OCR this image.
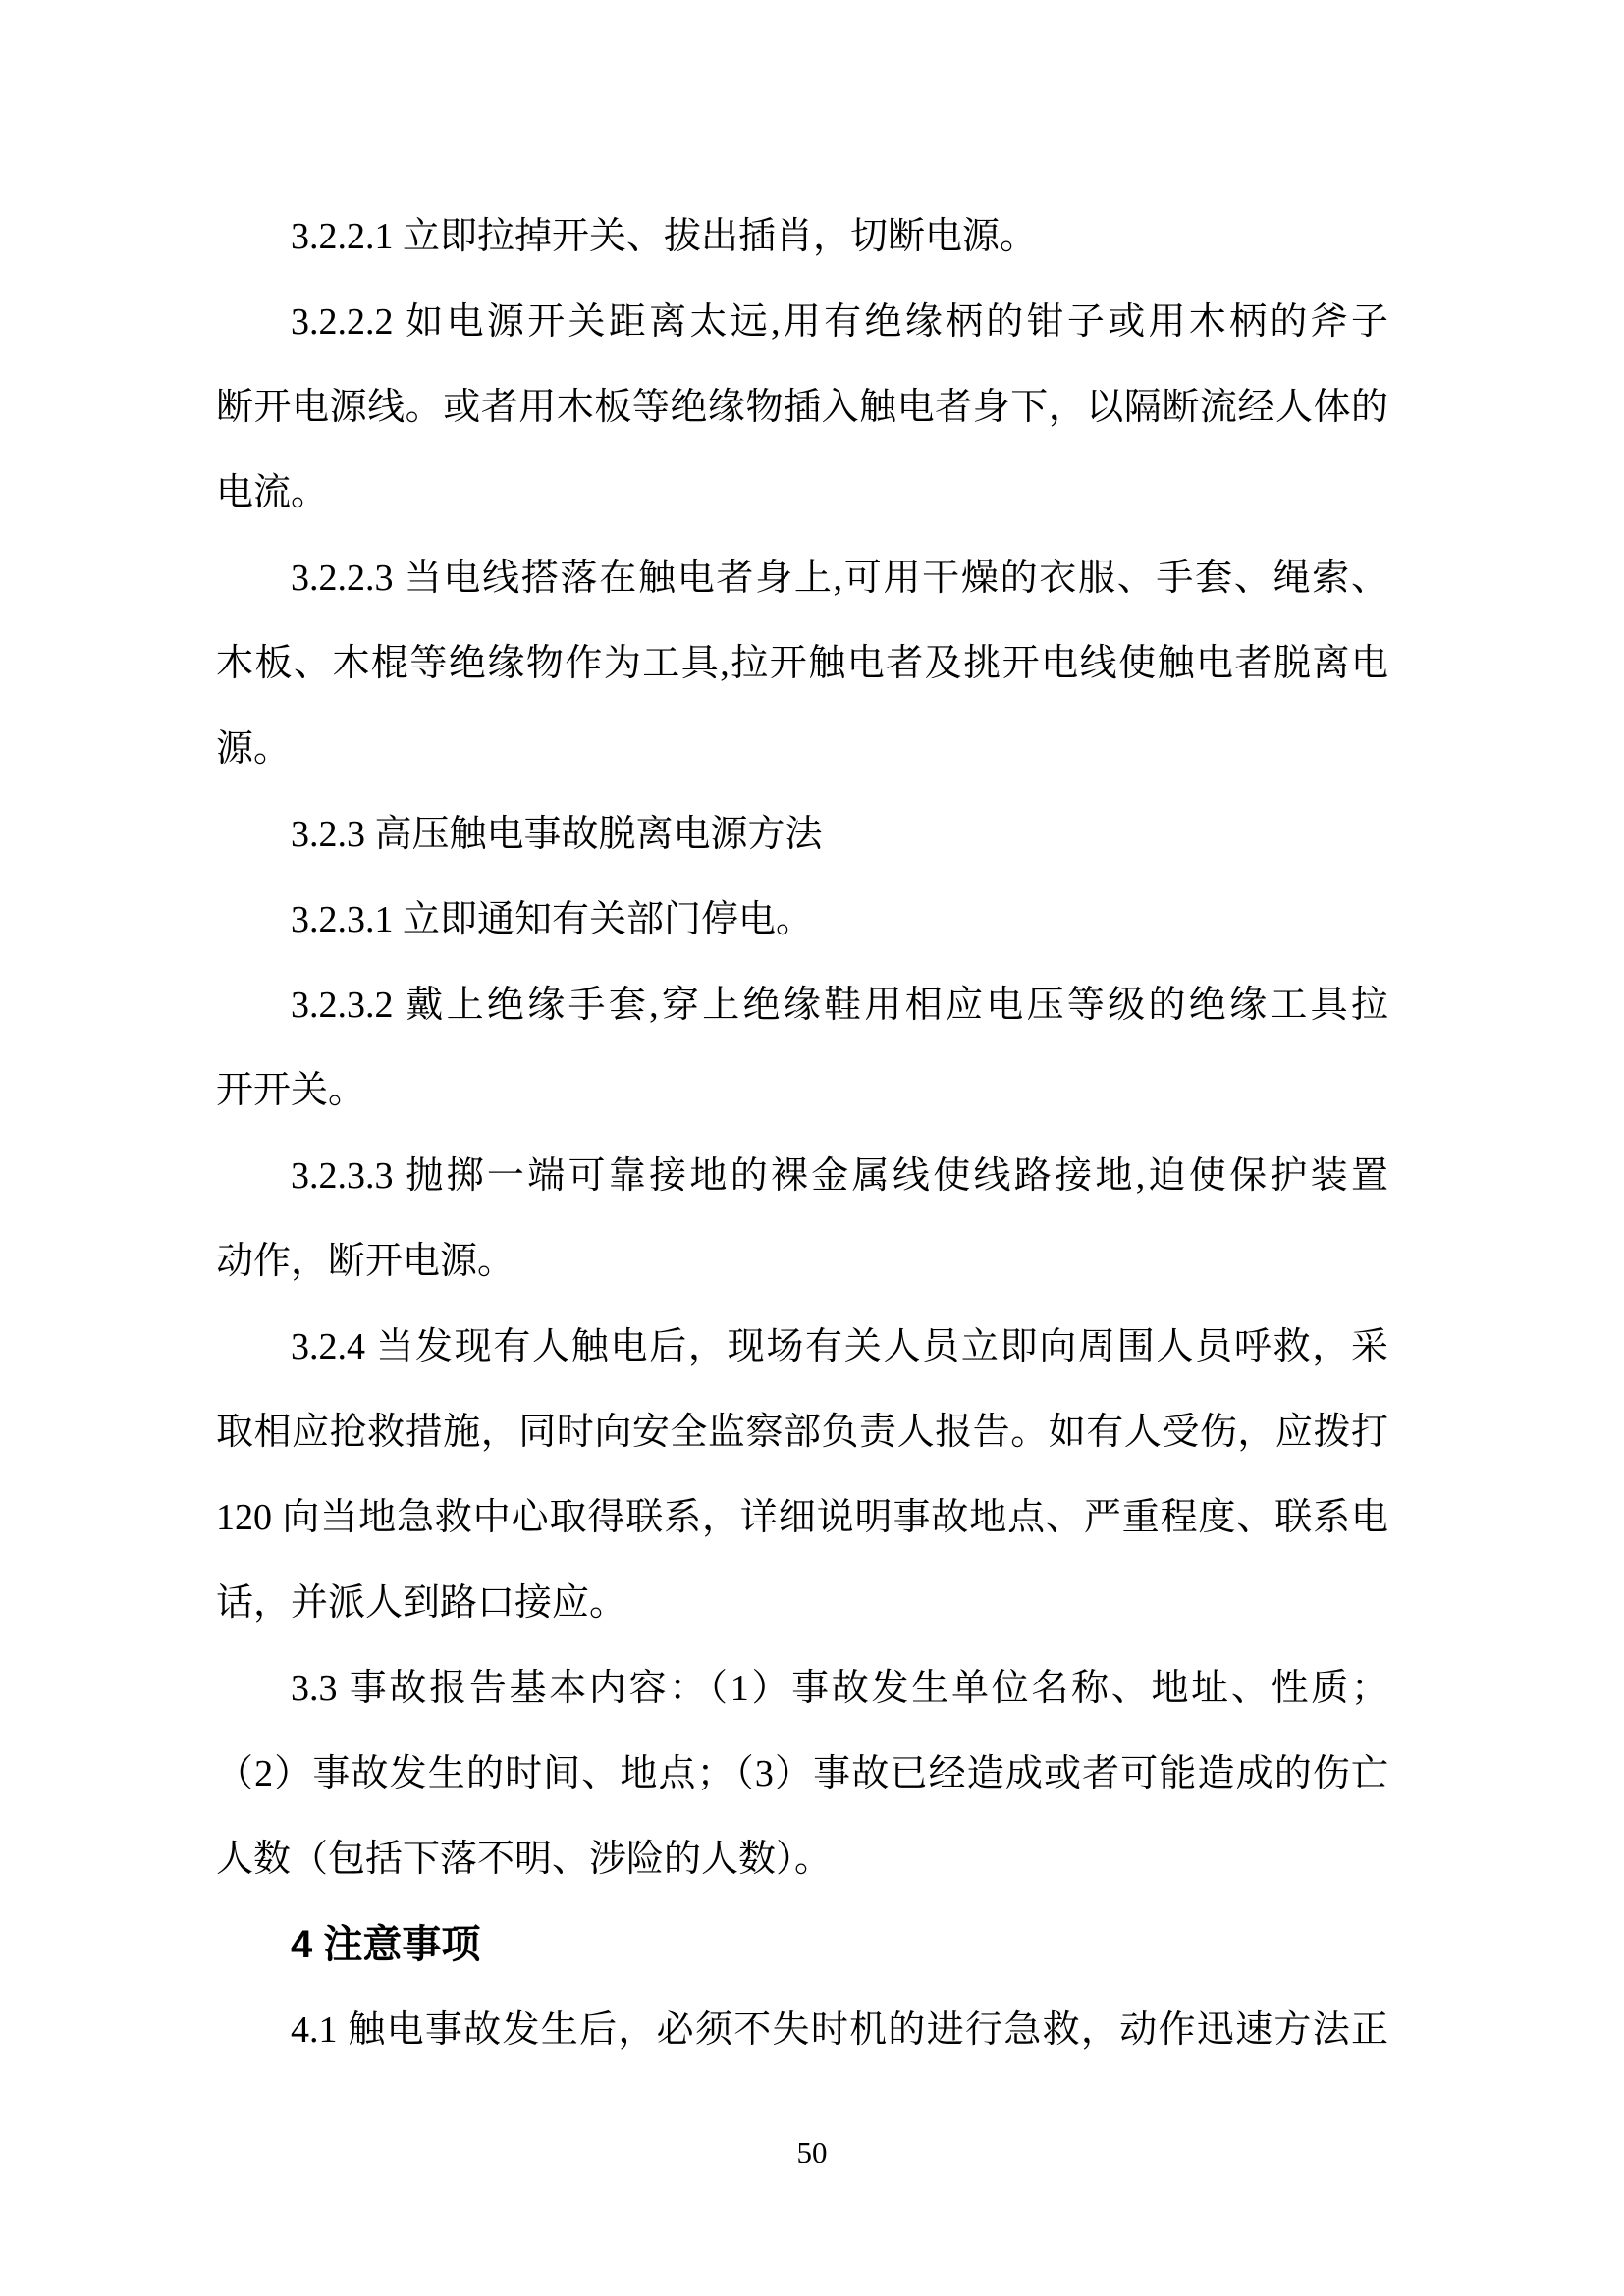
3.2.2.1 立即拉掉开关、拔出插肖，切断电源。
3.2.2.2 如电源开关距离太远,用有绝缘柄的钳子或用木柄的斧子
断开电源线。或者用木板等绝缘物插入触电者身下，以隔断流经人体的
电流。
3.2.2.3 当电线搭落在触电者身上,可用干燥的衣服、手套、绳索、
木板、木棍等绝缘物作为工具,拉开触电者及挑开电线使触电者脱离电
源。
3.2.3 高压触电事故脱离电源方法
3.2.3.1 立即通知有关部门停电。
3.2.3.2 戴上绝缘手套,穿上绝缘鞋用相应电压等级的绝缘工具拉
开开关。
3.2.3.3 抛掷一端可靠接地的裸金属线使线路接地,迫使保护装置
动作，断开电源。
3.2.4 当发现有人触电后，现场有关人员立即向周围人员呼救，采
取相应抢救措施，同时向安全监察部负责人报告。如有人受伤，应拨打
120 向当地急救中心取得联系，详细说明事故地点、严重程度、联系电
话，并派人到路口接应。
3.3 事故报告基本内容：（1）事故发生单位名称、地址、性质；
（2）事故发生的时间、地点；（3）事故已经造成或者可能造成的伤亡
人数（包括下落不明、涉险的人数）。
4 注意事项
4.1 触电事故发生后，必须不失时机的进行急救，动作迅速方法正
50
